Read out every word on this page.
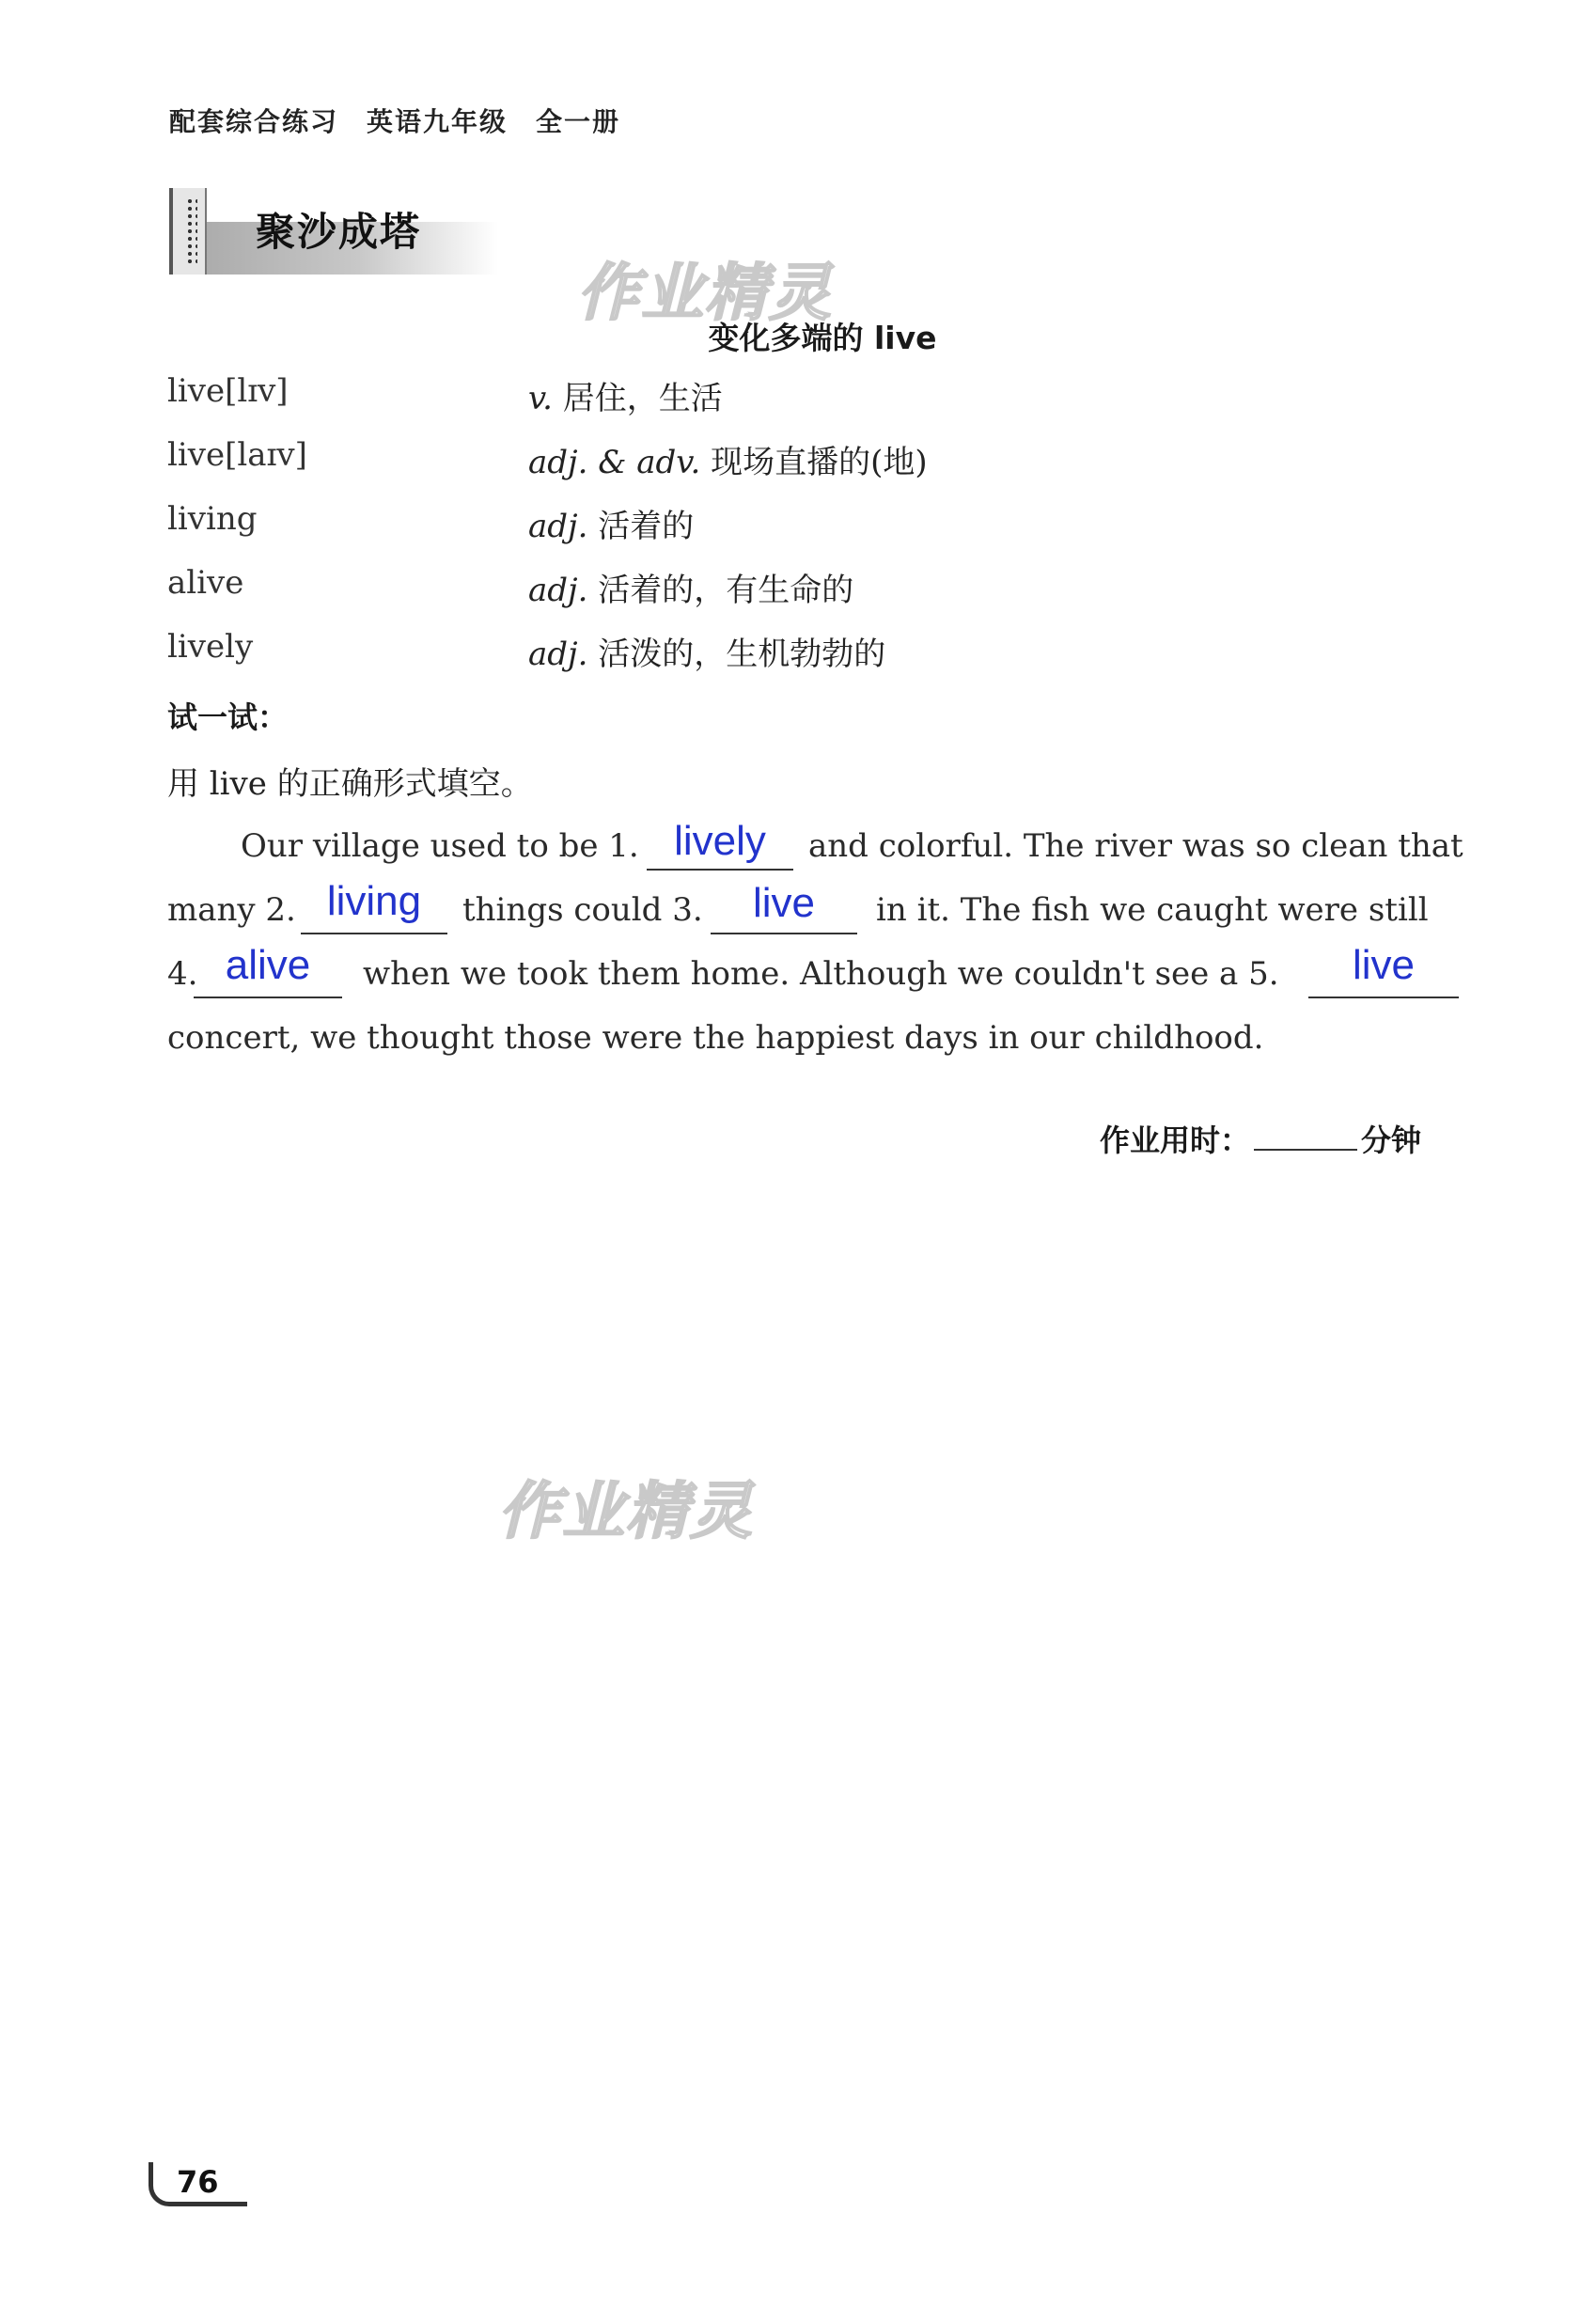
配套综合练习 英语九年级 全一册
聚沙成塔
作业精灵
作业精灵
变化多端的 live
live[lɪv]	v. 居住，生活
live[laɪv]	adj. & adv. 现场直播的(地)
living	adj. 活着的
alive	adj. 活着的，有生命的
lively	adj. 活泼的，生机勃勃的
试一试：
用 live 的正确形式填空。
Our village used to be 1. lively	and colorful. The river was so clean that
many 2. living	things could 3.	live	in it. The fish we caught were still
4. alive	when we took them home. Although we couldn't see a 5.	live
concert, we thought those were the happiest days in our childhood.
作业用时：	分钟
76
